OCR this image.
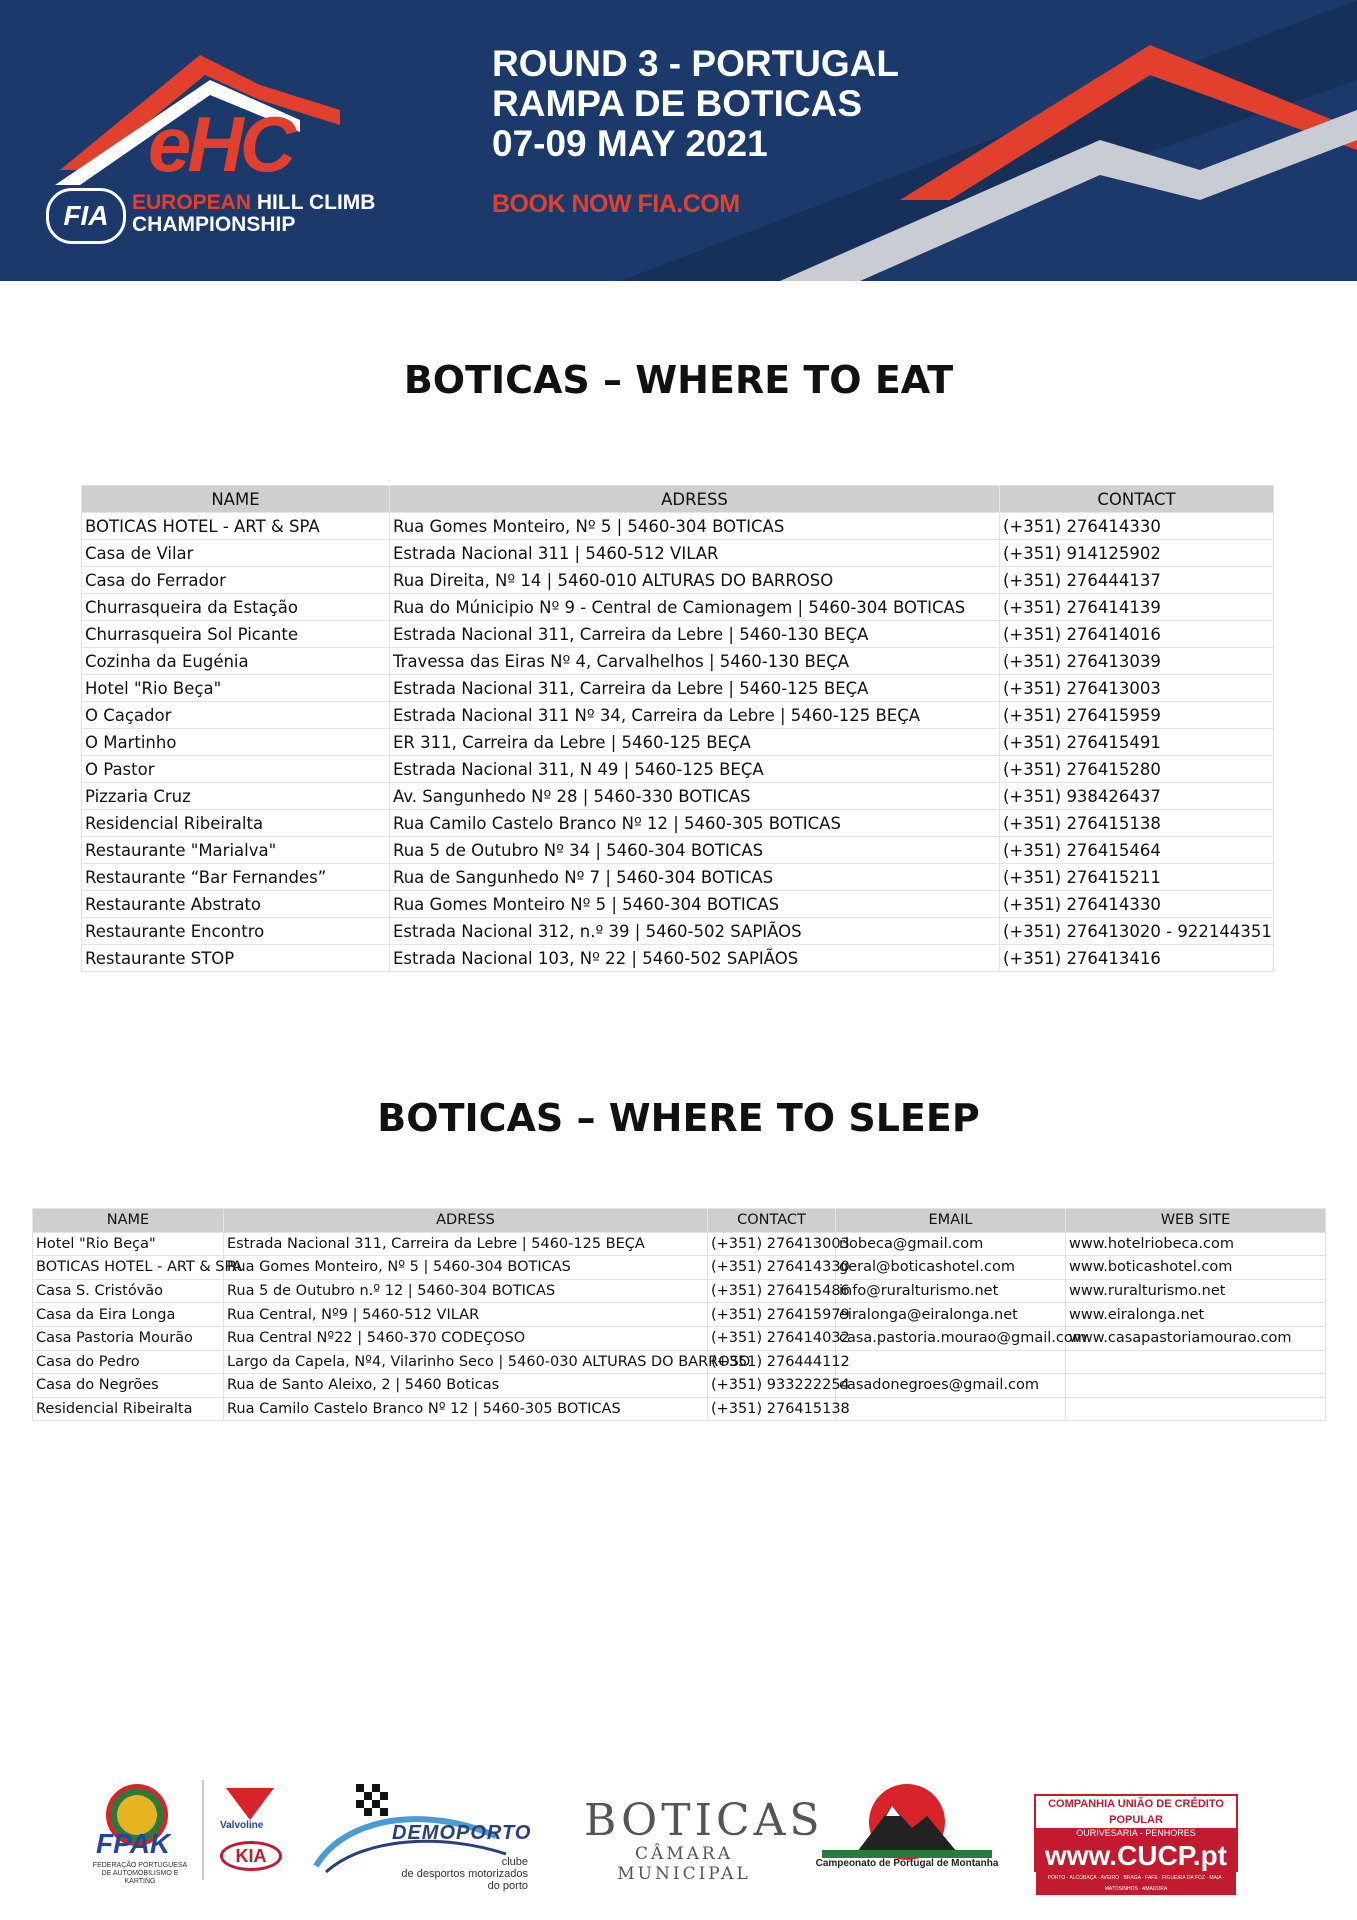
eHC
FIA	EUROPEAN HILL CLIMB
CHAMPIONSHIP
ROUND 3 - PORTUGAL
RAMPA DE BOTICAS
07-09 MAY 2021
BOOK NOW FIA.COM
BOTICAS – WHERE TO EAT
NAME	ADRESS	CONTACT
BOTICAS HOTEL - ART & SPA	Rua Gomes Monteiro, Nº 5 | 5460-304 BOTICAS	(+351) 276414330
Casa de Vilar	Estrada Nacional 311 | 5460-512 VILAR	(+351) 914125902
Casa do Ferrador	Rua Direita, Nº 14 | 5460-010 ALTURAS DO BARROSO	(+351) 276444137
Churrasqueira da Estação	Rua do Múnicipio Nº 9 - Central de Camionagem | 5460-304 BOTICAS	(+351) 276414139
Churrasqueira Sol Picante	Estrada Nacional 311, Carreira da Lebre | 5460-130 BEÇA	(+351) 276414016
Cozinha da Eugénia	Travessa das Eiras Nº 4, Carvalhelhos | 5460-130 BEÇA	(+351) 276413039
Hotel "Rio Beça"	Estrada Nacional 311, Carreira da Lebre | 5460-125 BEÇA	(+351) 276413003
O Caçador	Estrada Nacional 311 Nº 34, Carreira da Lebre | 5460-125 BEÇA	(+351) 276415959
O Martinho	ER 311, Carreira da Lebre | 5460-125 BEÇA	(+351) 276415491
O Pastor	Estrada Nacional 311, N 49 | 5460-125 BEÇA	(+351) 276415280
Pizzaria Cruz	Av. Sangunhedo Nº 28 | 5460-330 BOTICAS	(+351) 938426437
Residencial Ribeiralta	Rua Camilo Castelo Branco Nº 12 | 5460-305 BOTICAS	(+351) 276415138
Restaurante "Marialva"	Rua 5 de Outubro Nº 34 | 5460-304 BOTICAS	(+351) 276415464
Restaurante “Bar Fernandes”	Rua de Sangunhedo Nº 7 | 5460-304 BOTICAS	(+351) 276415211
Restaurante Abstrato	Rua Gomes Monteiro Nº 5 | 5460-304 BOTICAS	(+351) 276414330
Restaurante Encontro	Estrada Nacional 312, n.º 39 | 5460-502 SAPIÃOS	(+351) 276413020 - 922144351
Restaurante STOP	Estrada Nacional 103, Nº 22 | 5460-502 SAPIÃOS	(+351) 276413416
BOTICAS – WHERE TO SLEEP
NAME	ADRESS	CONTACT	EMAIL	WEB SITE
Hotel "Rio Beça"	Estrada Nacional 311, Carreira da Lebre | 5460-125 BEÇA	(+351) 276413003	riobeca@gmail.com	www.hotelriobeca.com
BOTICAS HOTEL - ART & SPA	Rua Gomes Monteiro, Nº 5 | 5460-304 BOTICAS	(+351) 276414330	geral@boticashotel.com	www.boticashotel.com
Casa S. Cristóvão	Rua 5 de Outubro n.º 12 | 5460-304 BOTICAS	(+351) 276415486	info@ruralturismo.net	www.ruralturismo.net
Casa da Eira Longa	Rua Central, Nº9 | 5460-512 VILAR	(+351) 276415979	eiralonga@eiralonga.net	www.eiralonga.net
Casa Pastoria Mourão	Rua Central Nº22 | 5460-370 CODEÇOSO	(+351) 276414032	casa.pastoria.mourao@gmail.com	www.casapastoriamourao.com
Casa do Pedro	Largo da Capela, Nº4, Vilarinho Seco | 5460-030 ALTURAS DO BARROSO	(+351) 276444112		
Casa do Negrões	Rua de Santo Aleixo, 2 | 5460 Boticas	(+351) 933222254	casadonegroes@gmail.com	
Residencial Ribeiralta	Rua Camilo Castelo Branco Nº 12 | 5460-305 BOTICAS	(+351) 276415138		
FPAK
FEDERAÇÃO PORTUGUESA DE AUTOMOBILISMO E KARTING
Valvoline
KIA
DEMOPORTO
clube
de desportos motorizados
do porto
BOTICAS
CÂMARA MUNICIPAL
Campeonato de Portugal de Montanha
COMPANHIA UNIÃO DE CRÉDITO POPULAR
OURIVESARIA - PENHORES
www.CUCP.pt
PORTO · ALCOBAÇA · AVEIRO · BRAGA · FAFE · FIGUEIRA DA FOZ · MAIA · MATOSINHOS · AMADORA
